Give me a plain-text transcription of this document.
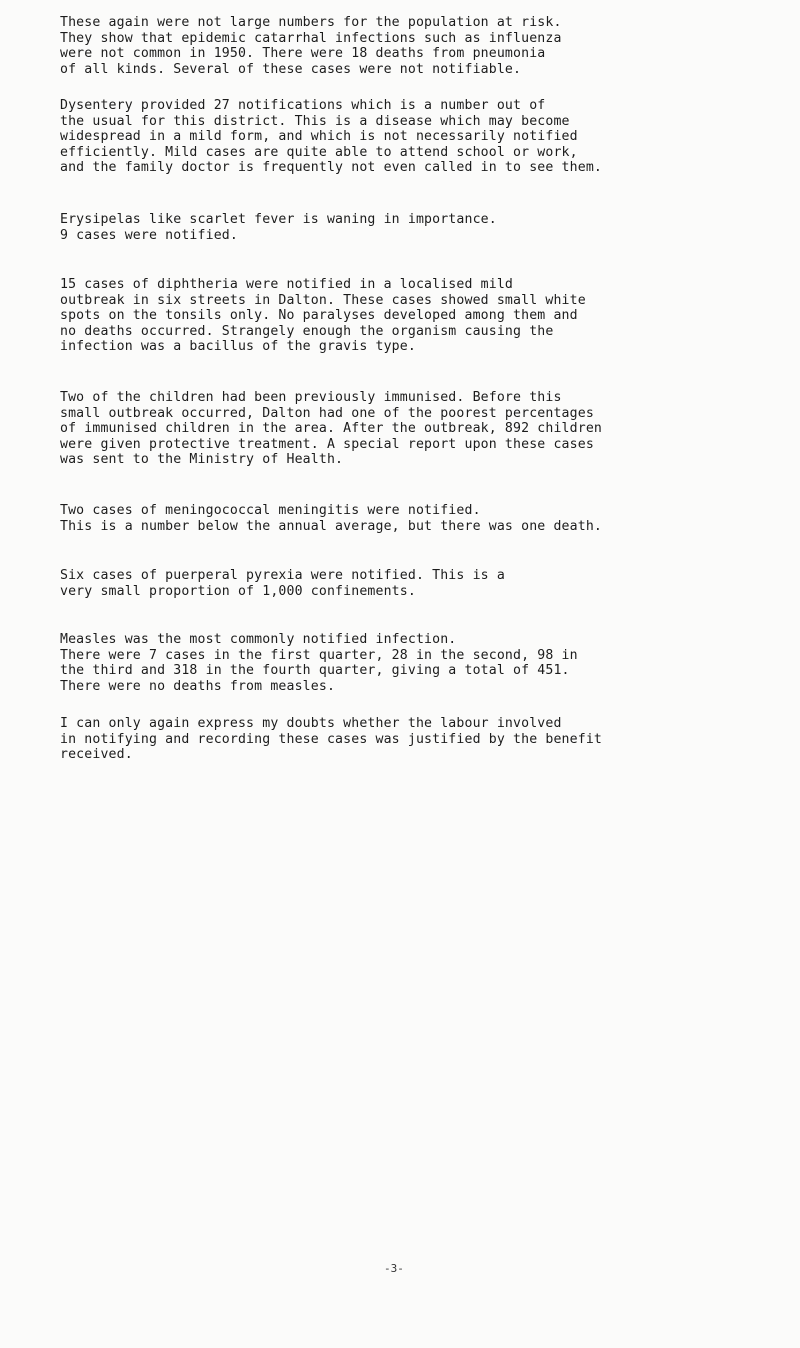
These again were not large numbers for the population at risk.
They show that epidemic catarrhal infections such as influenza
were not common in 1950. There were 18 deaths from pneumonia
of all kinds. Several of these cases were not notifiable.

Dysentery provided 27 notifications which is a number out of
the usual for this district. This is a disease which may become
widespread in a mild form, and which is not necessarily notified
efficiently. Mild cases are quite able to attend school or work,
and the family doctor is frequently not even called in to see them.

Erysipelas like scarlet fever is waning in importance.
9 cases were notified.

15 cases of diphtheria were notified in a localised mild
outbreak in six streets in Dalton. These cases showed small white
spots on the tonsils only. No paralyses developed among them and
no deaths occurred. Strangely enough the organism causing the
infection was a bacillus of the gravis type.

Two of the children had been previously immunised. Before this
small outbreak occurred, Dalton had one of the poorest percentages
of immunised children in the area. After the outbreak, 892 children
were given protective treatment. A special report upon these cases
was sent to the Ministry of Health.

Two cases of meningococcal meningitis were notified.
This is a number below the annual average, but there was one death.

Six cases of puerperal pyrexia were notified. This is a
very small proportion of 1,000 confinements.

Measles was the most commonly notified infection.
There were 7 cases in the first quarter, 28 in the second, 98 in
the third and 318 in the fourth quarter, giving a total of 451.
There were no deaths from measles.

I can only again express my doubts whether the labour involved
in notifying and recording these cases was justified by the benefit
received.

-3-
